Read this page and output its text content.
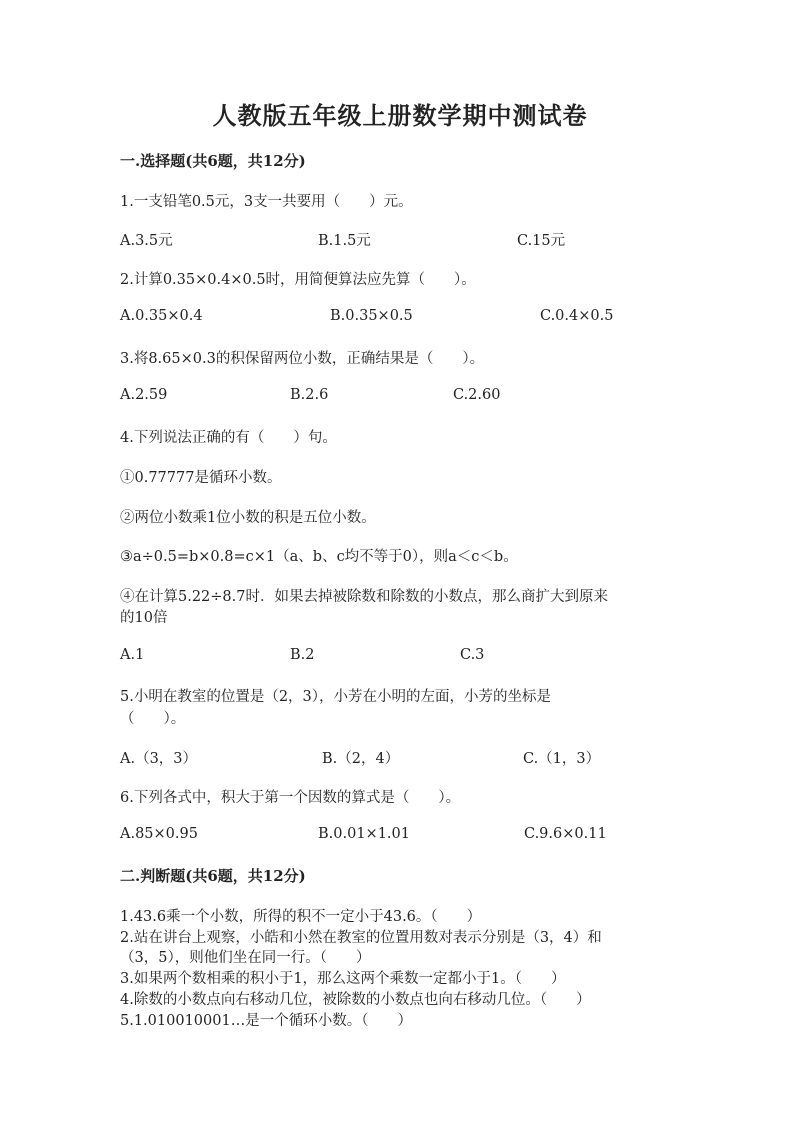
人教版五年级上册数学期中测试卷
一.选择题(共6题，共12分)
1.一支铅笔0.5元，3支一共要用（　　）元。
A.3.5元	B.1.5元	C.15元
2.计算0.35×0.4×0.5时，用简便算法应先算（　　）。
A.0.35×0.4	B.0.35×0.5	C.0.4×0.5
3.将8.65×0.3的积保留两位小数，正确结果是（　　）。
A.2.59	B.2.6	C.2.60
4.下列说法正确的有（　　）句。
①0.77777是循环小数。
②两位小数乘1位小数的积是五位小数。
③a÷0.5=b×0.8=c×1（a、b、c均不等于0），则a＜c＜b。
④在计算5.22÷8.7时．如果去掉被除数和除数的小数点，那么商扩大到原来
的10倍
A.1	B.2	C.3
5.小明在教室的位置是（2，3），小芳在小明的左面，小芳的坐标是
（　　）。
A.（3，3）	B.（2，4）	C.（1，3）
6.下列各式中，积大于第一个因数的算式是（　　）。
A.85×0.95	B.0.01×1.01	C.9.6×0.11
二.判断题(共6题，共12分)
1.43.6乘一个小数，所得的积不一定小于43.6。（　　）
2.站在讲台上观察，小皓和小然在教室的位置用数对表示分别是（3，4）和
（3，5），则他们坐在同一行。（　　）
3.如果两个数相乘的积小于1，那么这两个乘数一定都小于1。（　　）
4.除数的小数点向右移动几位，被除数的小数点也向右移动几位。（　　）
5.1.010010001…是一个循环小数。（　　）
